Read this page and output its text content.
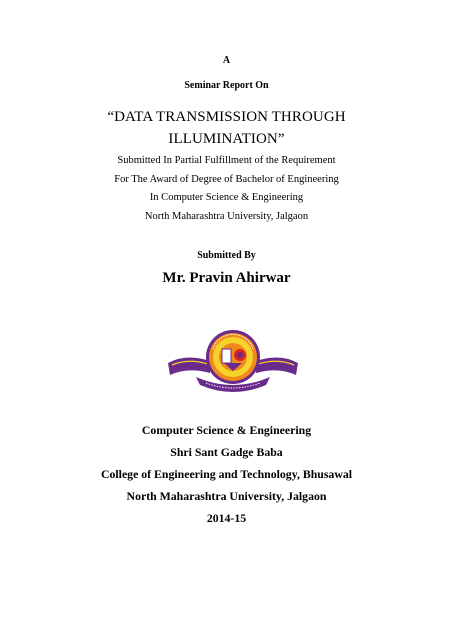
A
Seminar Report On
“DATA TRANSMISSION THROUGH
ILLUMINATION”
Submitted In Partial Fulfillment of the Requirement
For The Award of Degree of Bachelor of Engineering
In Computer Science & Engineering
North Maharashtra University, Jalgaon
Submitted By
Mr. Pravin Ahirwar
Computer Science & Engineering
Shri Sant Gadge Baba
College of Engineering and Technology, Bhusawal
North Maharashtra University, Jalgaon
2014-15
